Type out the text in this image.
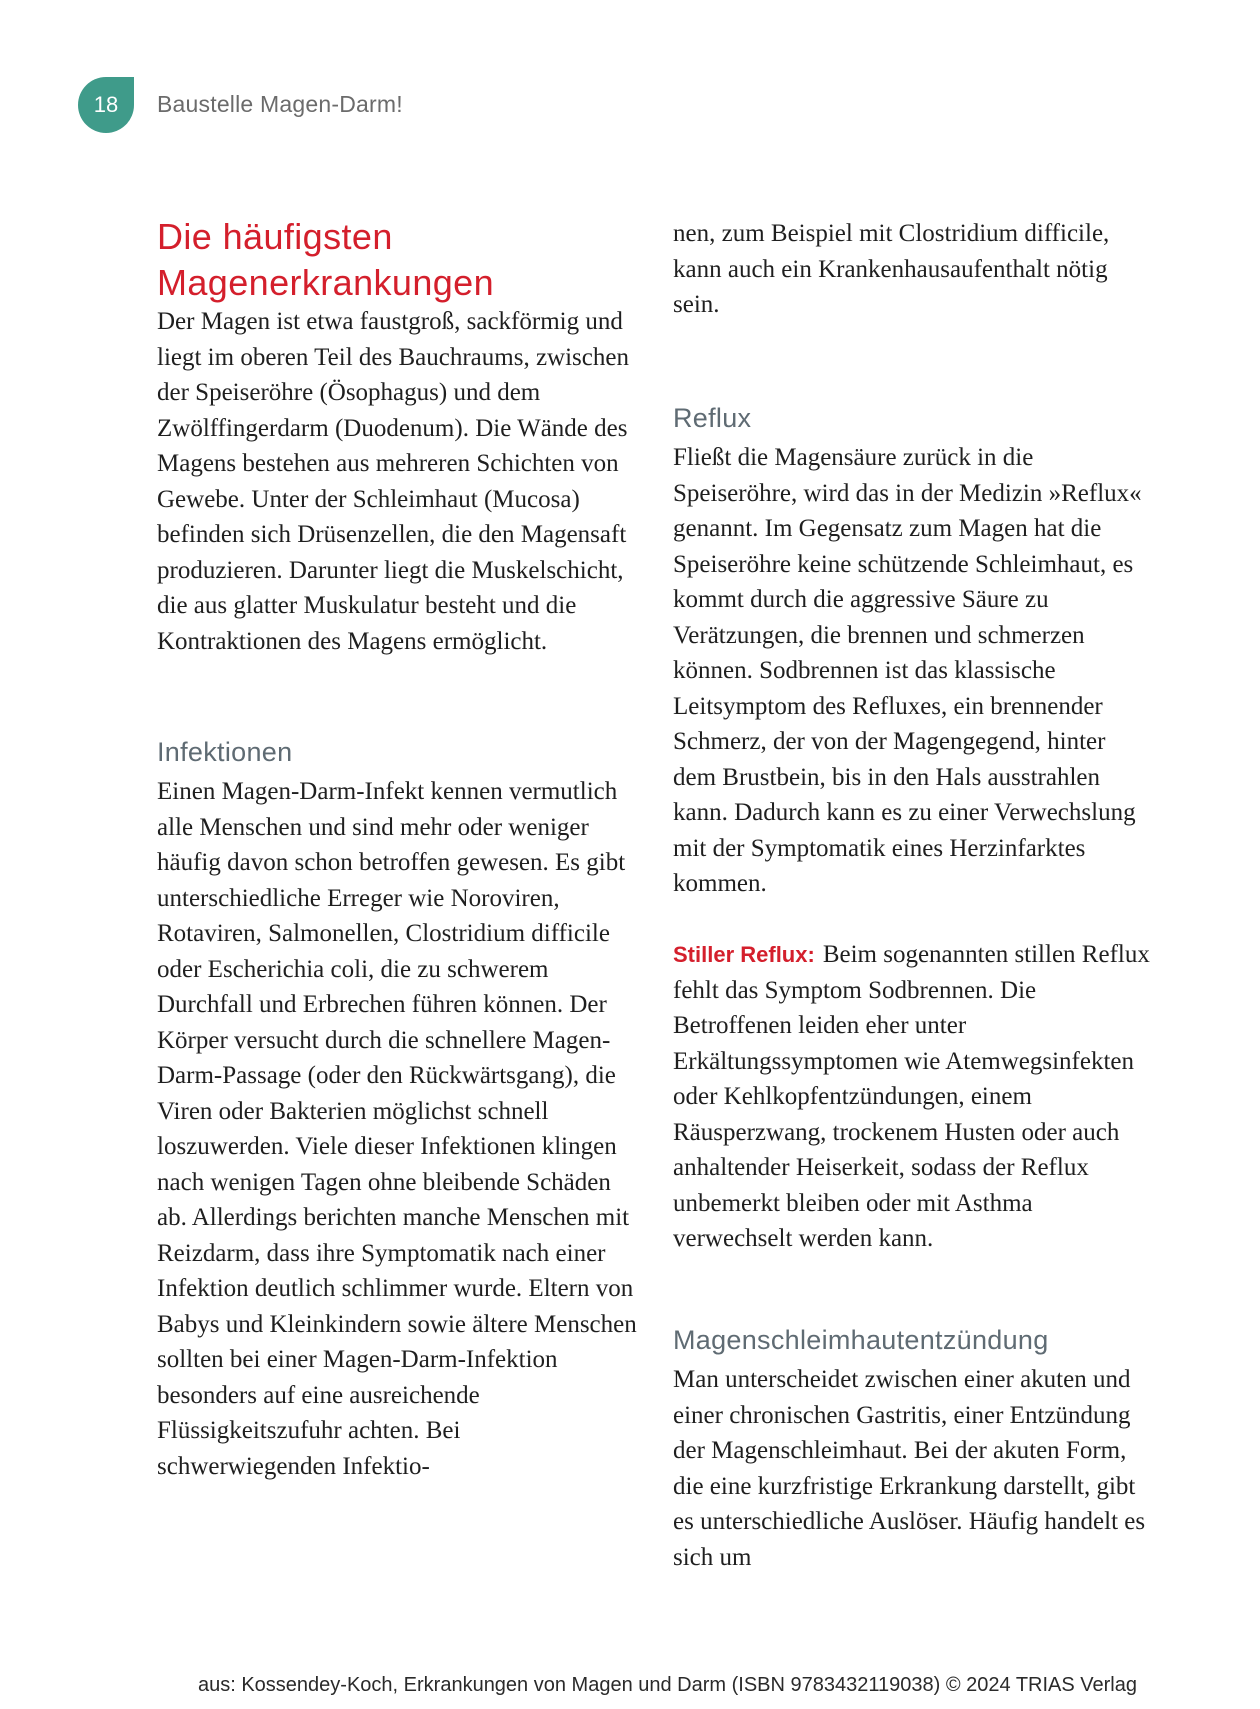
18 Baustelle Magen-Darm!
Die häufigsten Magenerkrankungen

Der Magen ist etwa faustgroß, sackförmig und liegt im oberen Teil des Bauchraums, zwischen der Speiseröhre (Ösophagus) und dem Zwölffingerdarm (Duodenum). Die Wände des Magens bestehen aus mehreren Schichten von Gewebe. Unter der Schleimhaut (Mucosa) befinden sich Drüsenzellen, die den Magensaft produzieren. Darunter liegt die Muskelschicht, die aus glatter Muskulatur besteht und die Kontraktionen des Magens ermöglicht.

Infektionen

Einen Magen-Darm-Infekt kennen vermutlich alle Menschen und sind mehr oder weniger häufig davon schon betroffen gewesen. Es gibt unterschiedliche Erreger wie Noroviren, Rotaviren, Salmonellen, Clostridium difficile oder Escherichia coli, die zu schwerem Durchfall und Erbrechen führen können. Der Körper versucht durch die schnellere Magen-Darm-Passage (oder den Rückwärtsgang), die Viren oder Bakterien möglichst schnell loszuwerden. Viele dieser Infektionen klingen nach wenigen Tagen ohne bleibende Schäden ab. Allerdings berichten manche Menschen mit Reizdarm, dass ihre Symptomatik nach einer Infektion deutlich schlimmer wurde. Eltern von Babys und Kleinkindern sowie ältere Menschen sollten bei einer Magen-Darm-Infektion besonders auf eine ausreichende Flüssigkeitszufuhr achten. Bei schwerwiegenden Infektio-

nen, zum Beispiel mit Clostridium difficile, kann auch ein Krankenhausaufenthalt nötig sein.

Reflux

Fließt die Magensäure zurück in die Speiseröhre, wird das in der Medizin »Reflux« genannt. Im Gegensatz zum Magen hat die Speiseröhre keine schützende Schleimhaut, es kommt durch die aggressive Säure zu Verätzungen, die brennen und schmerzen können. Sodbrennen ist das klassische Leitsymptom des Refluxes, ein brennender Schmerz, der von der Magengegend, hinter dem Brustbein, bis in den Hals ausstrahlen kann. Dadurch kann es zu einer Verwechslung mit der Symptomatik eines Herzinfarktes kommen.

Stiller Reflux: Beim sogenannten stillen Reflux fehlt das Symptom Sodbrennen. Die Betroffenen leiden eher unter Erkältungssymptomen wie Atemwegsinfekten oder Kehlkopfentzündungen, einem Räusperzwang, trockenem Husten oder auch anhaltender Heiserkeit, sodass der Reflux unbemerkt bleiben oder mit Asthma verwechselt werden kann.

Magenschleimhautentzündung

Man unterscheidet zwischen einer akuten und einer chronischen Gastritis, einer Entzündung der Magenschleimhaut. Bei der akuten Form, die eine kurzfristige Erkrankung darstellt, gibt es unterschiedliche Auslöser. Häufig handelt es sich um

aus: Kossendey-Koch, Erkrankungen von Magen und Darm (ISBN 9783432119038) © 2024 TRIAS Verlag
